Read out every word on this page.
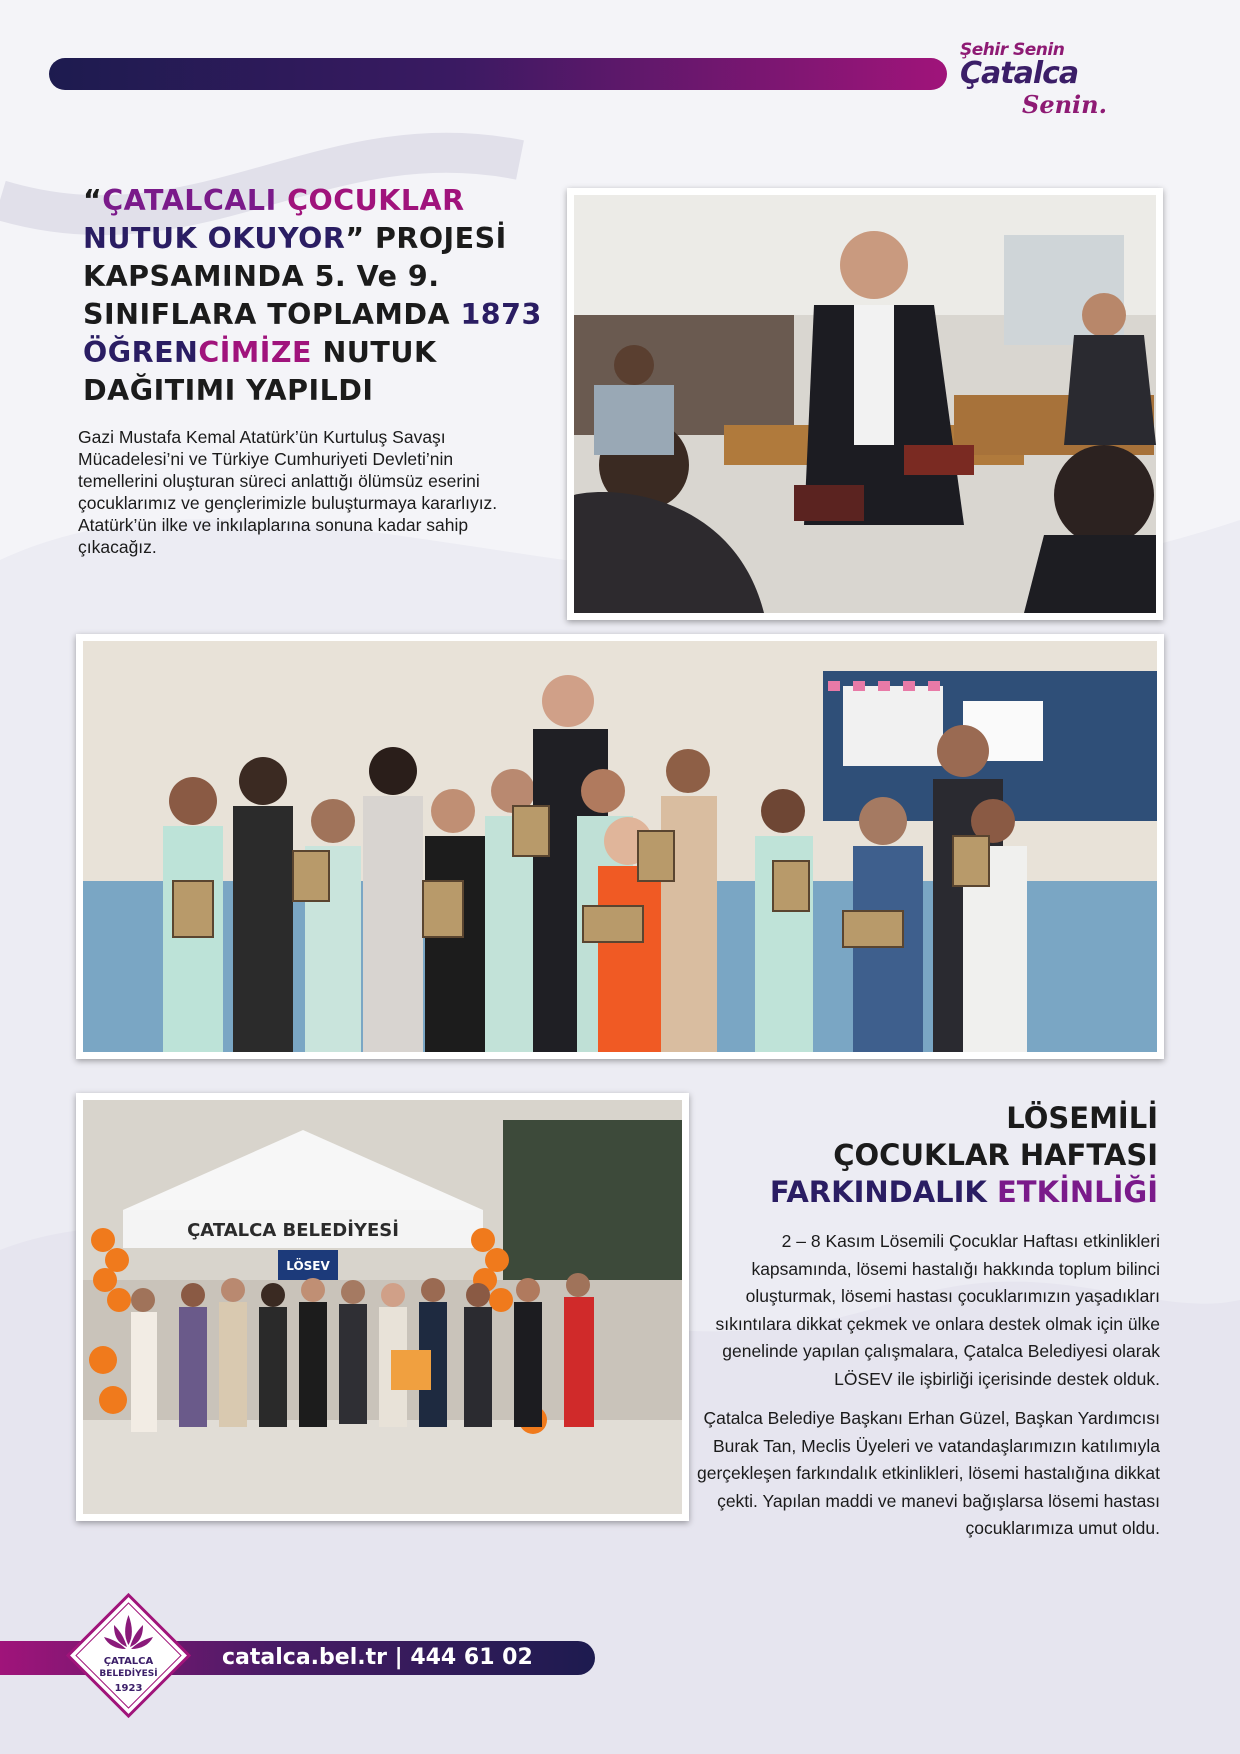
Şehir Senin
Çatalca
Senin.
“ÇATALCALI ÇOCUKLAR
NUTUK OKUYOR” PROJESİ KAPSAMINDA 5. Ve 9. SINIFLARA TOPLAMDA 1873 ÖĞRENCİMİZE NUTUK DAĞITIMI YAPILDI
Gazi Mustafa Kemal Atatürk’ün Kurtuluş Savaşı Mücadelesi’ni ve Türkiye Cumhuriyeti Devleti’nin temellerini oluşturan süreci anlattığı ölümsüz eserini çocuklarımız ve gençlerimizle buluşturmaya kararlıyız. Atatürk’ün ilke ve inkılaplarına sonuna kadar sahip çıkacağız.
ÇATALCA BELEDİYESİ
LÖSEV
LÖSEMİLİ
ÇOCUKLAR HAFTASI
FARKINDALIK ETKİNLİĞİ

2 – 8 Kasım Lösemili Çocuklar Haftası etkinlikleri kapsamında, lösemi hastalığı hakkında toplum bilinci oluşturmak, lösemi hastası çocuklarımızın yaşadıkları sıkıntılara dikkat çekmek ve onlara destek olmak için ülke genelinde yapılan çalışmalara, Çatalca Belediyesi olarak LÖSEV ile işbirliği içerisinde destek olduk.

Çatalca Belediye Başkanı Erhan Güzel, Başkan Yardımcısı Burak Tan, Meclis Üyeleri ve vatandaşlarımızın katılımıyla gerçekleşen farkındalık etkinlikleri, lösemi hastalığına dikkat çekti. Yapılan maddi ve manevi bağışlarsa lösemi hastası çocuklarımıza umut oldu.

catalca.bel.tr | 444 61 02
ÇATALCA
BELEDİYESİ
1923
